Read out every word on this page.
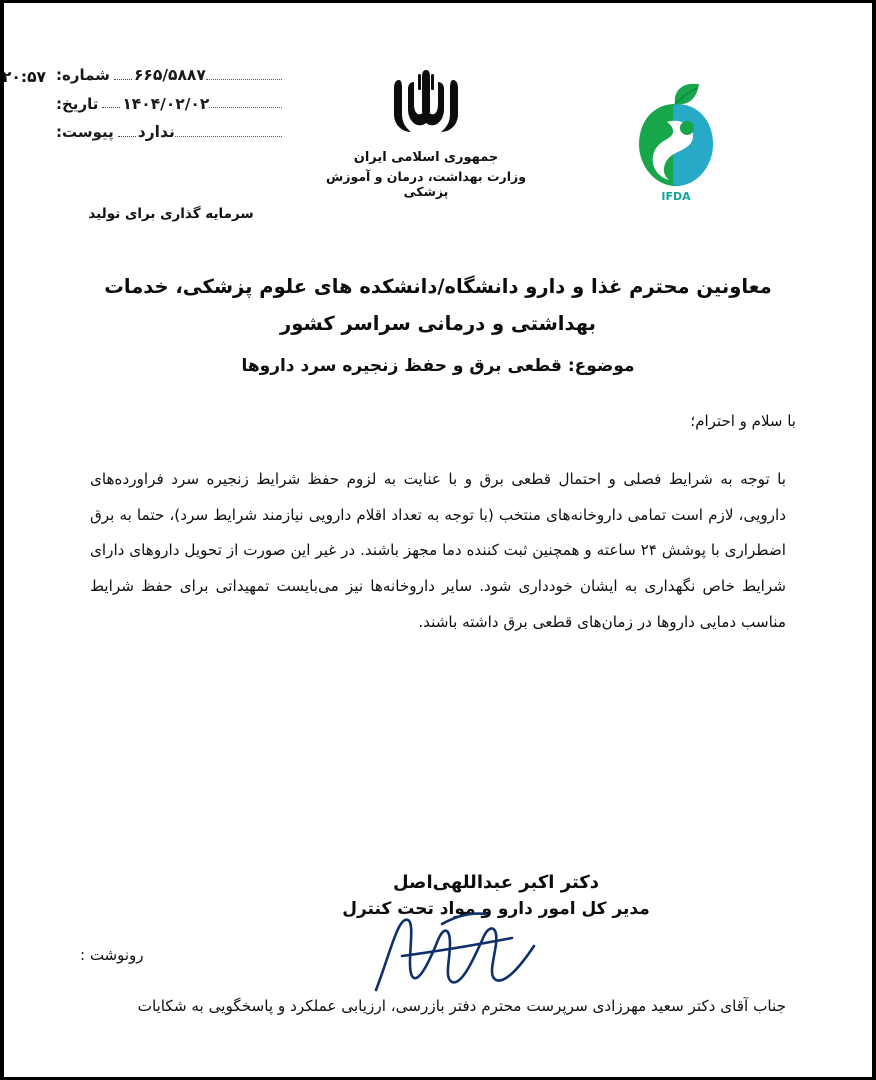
۲۰:۵۷	۶۶۵/۵۸۸۷
شماره:
۱۴۰۴/۰۲/۰۲
تاریخ:
ندارد
پیوست:
سرمایه گذاری برای تولید
جمهوری اسلامی ایران
وزارت بهداشت، درمان و آموزش پزشکی	IFDA
معاونین محترم غذا و دارو دانشگاه/دانشکده های علوم پزشکی، خدمات بهداشتی و درمانی سراسر کشور
موضوع: قطعی برق و حفظ زنجیره سرد داروها
با سلام و احترام؛
با توجه به شرایط فصلی و احتمال قطعی برق و با عنایت به لزوم حفظ شرایط زنجیره سرد فراورده‌های دارویی، لازم است تمامی داروخانه‌های منتخب (با توجه به تعداد اقلام دارویی نیازمند شرایط سرد)، حتما به برق اضطراری با پوشش ۲۴ ساعته و همچنین ثبت کننده دما مجهز باشند. در غیر این صورت از تحویل داروهای دارای شرایط خاص نگهداری به ایشان خودداری شود. سایر داروخانه‌ها نیز می‌بایست تمهیداتی برای حفظ شرایط مناسب دمایی داروها در زمان‌های قطعی برق داشته باشند.
دکتر اکبر عبداللهی‌اصل
مدیر کل امور دارو و مواد تحت کنترل
رونوشت :
جناب آقای دکتر سعید مهرزادی سرپرست محترم دفتر بازرسی، ارزیابی عملکرد و پاسخگویی به شکایات
